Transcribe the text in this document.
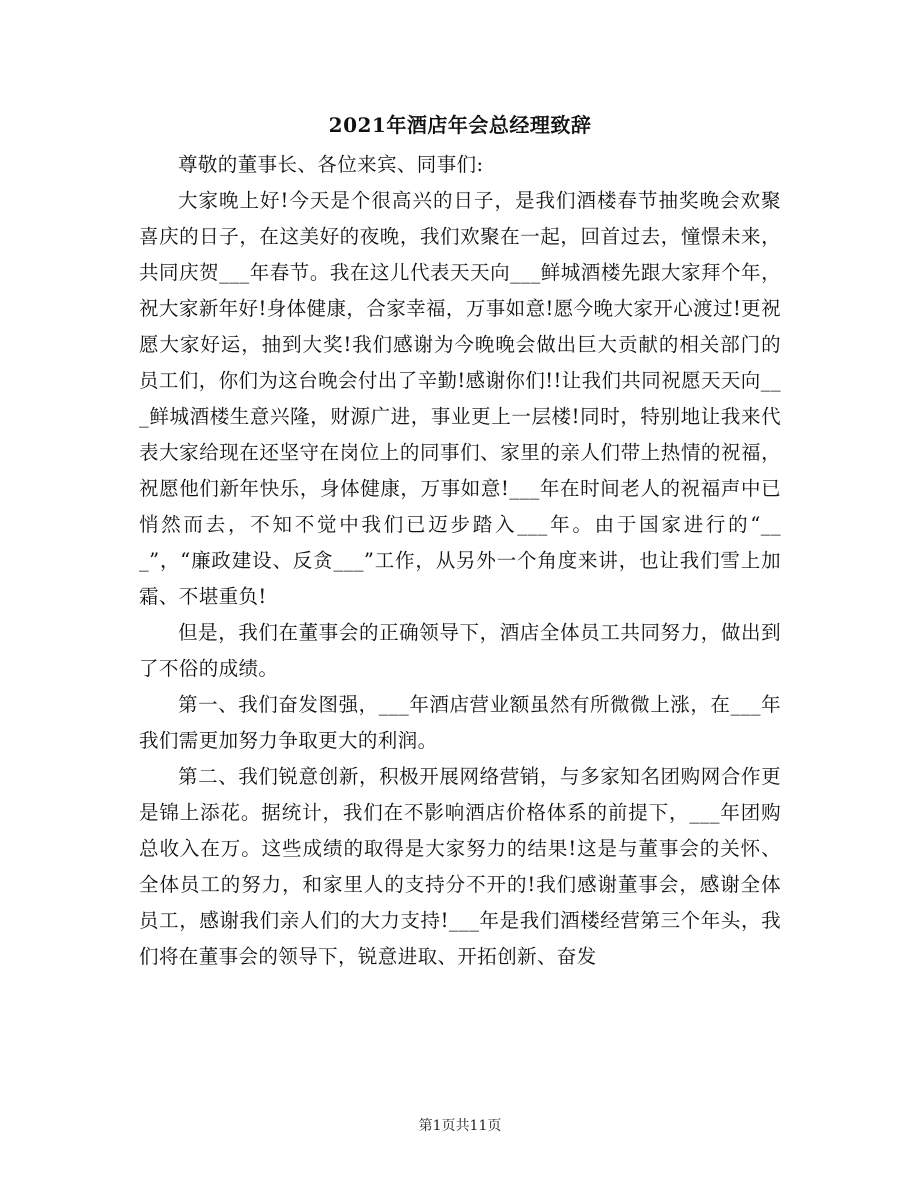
2021年酒店年会总经理致辞

尊敬的董事长、各位来宾、同事们:

大家晚上好!今天是个很高兴的日子，是我们酒楼春节抽奖晚会欢聚喜庆的日子，在这美好的夜晚，我们欢聚在一起，回首过去，憧憬未来，共同庆贺___年春节。我在这儿代表天天向___鲜城酒楼先跟大家拜个年，祝大家新年好!身体健康，合家幸福，万事如意!愿今晚大家开心渡过!更祝愿大家好运，抽到大奖!我们感谢为今晚晚会做出巨大贡献的相关部门的员工们，你们为这台晚会付出了辛勤!感谢你们!!让我们共同祝愿天天向___鲜城酒楼生意兴隆，财源广进，事业更上一层楼!同时，特别地让我来代表大家给现在还坚守在岗位上的同事们、家里的亲人们带上热情的祝福，祝愿他们新年快乐，身体健康，万事如意!___年在时间老人的祝福声中已悄然而去，不知不觉中我们已迈步踏入___年。由于国家进行的“___”，“廉政建设、反贪___”工作，从另外一个角度来讲，也让我们雪上加霜、不堪重负!

但是，我们在董事会的正确领导下，酒店全体员工共同努力，做出到了不俗的成绩。

第一、我们奋发图强，___年酒店营业额虽然有所微微上涨，在___年我们需更加努力争取更大的利润。

第二、我们锐意创新，积极开展网络营销，与多家知名团购网合作更是锦上添花。据统计，我们在不影响酒店价格体系的前提下，___年团购总收入在万。这些成绩的取得是大家努力的结果!这是与董事会的关怀、全体员工的努力，和家里人的支持分不开的!我们感谢董事会，感谢全体员工，感谢我们亲人们的大力支持!___年是我们酒楼经营第三个年头，我们将在董事会的领导下，锐意进取、开拓创新、奋发

第1页共11页
